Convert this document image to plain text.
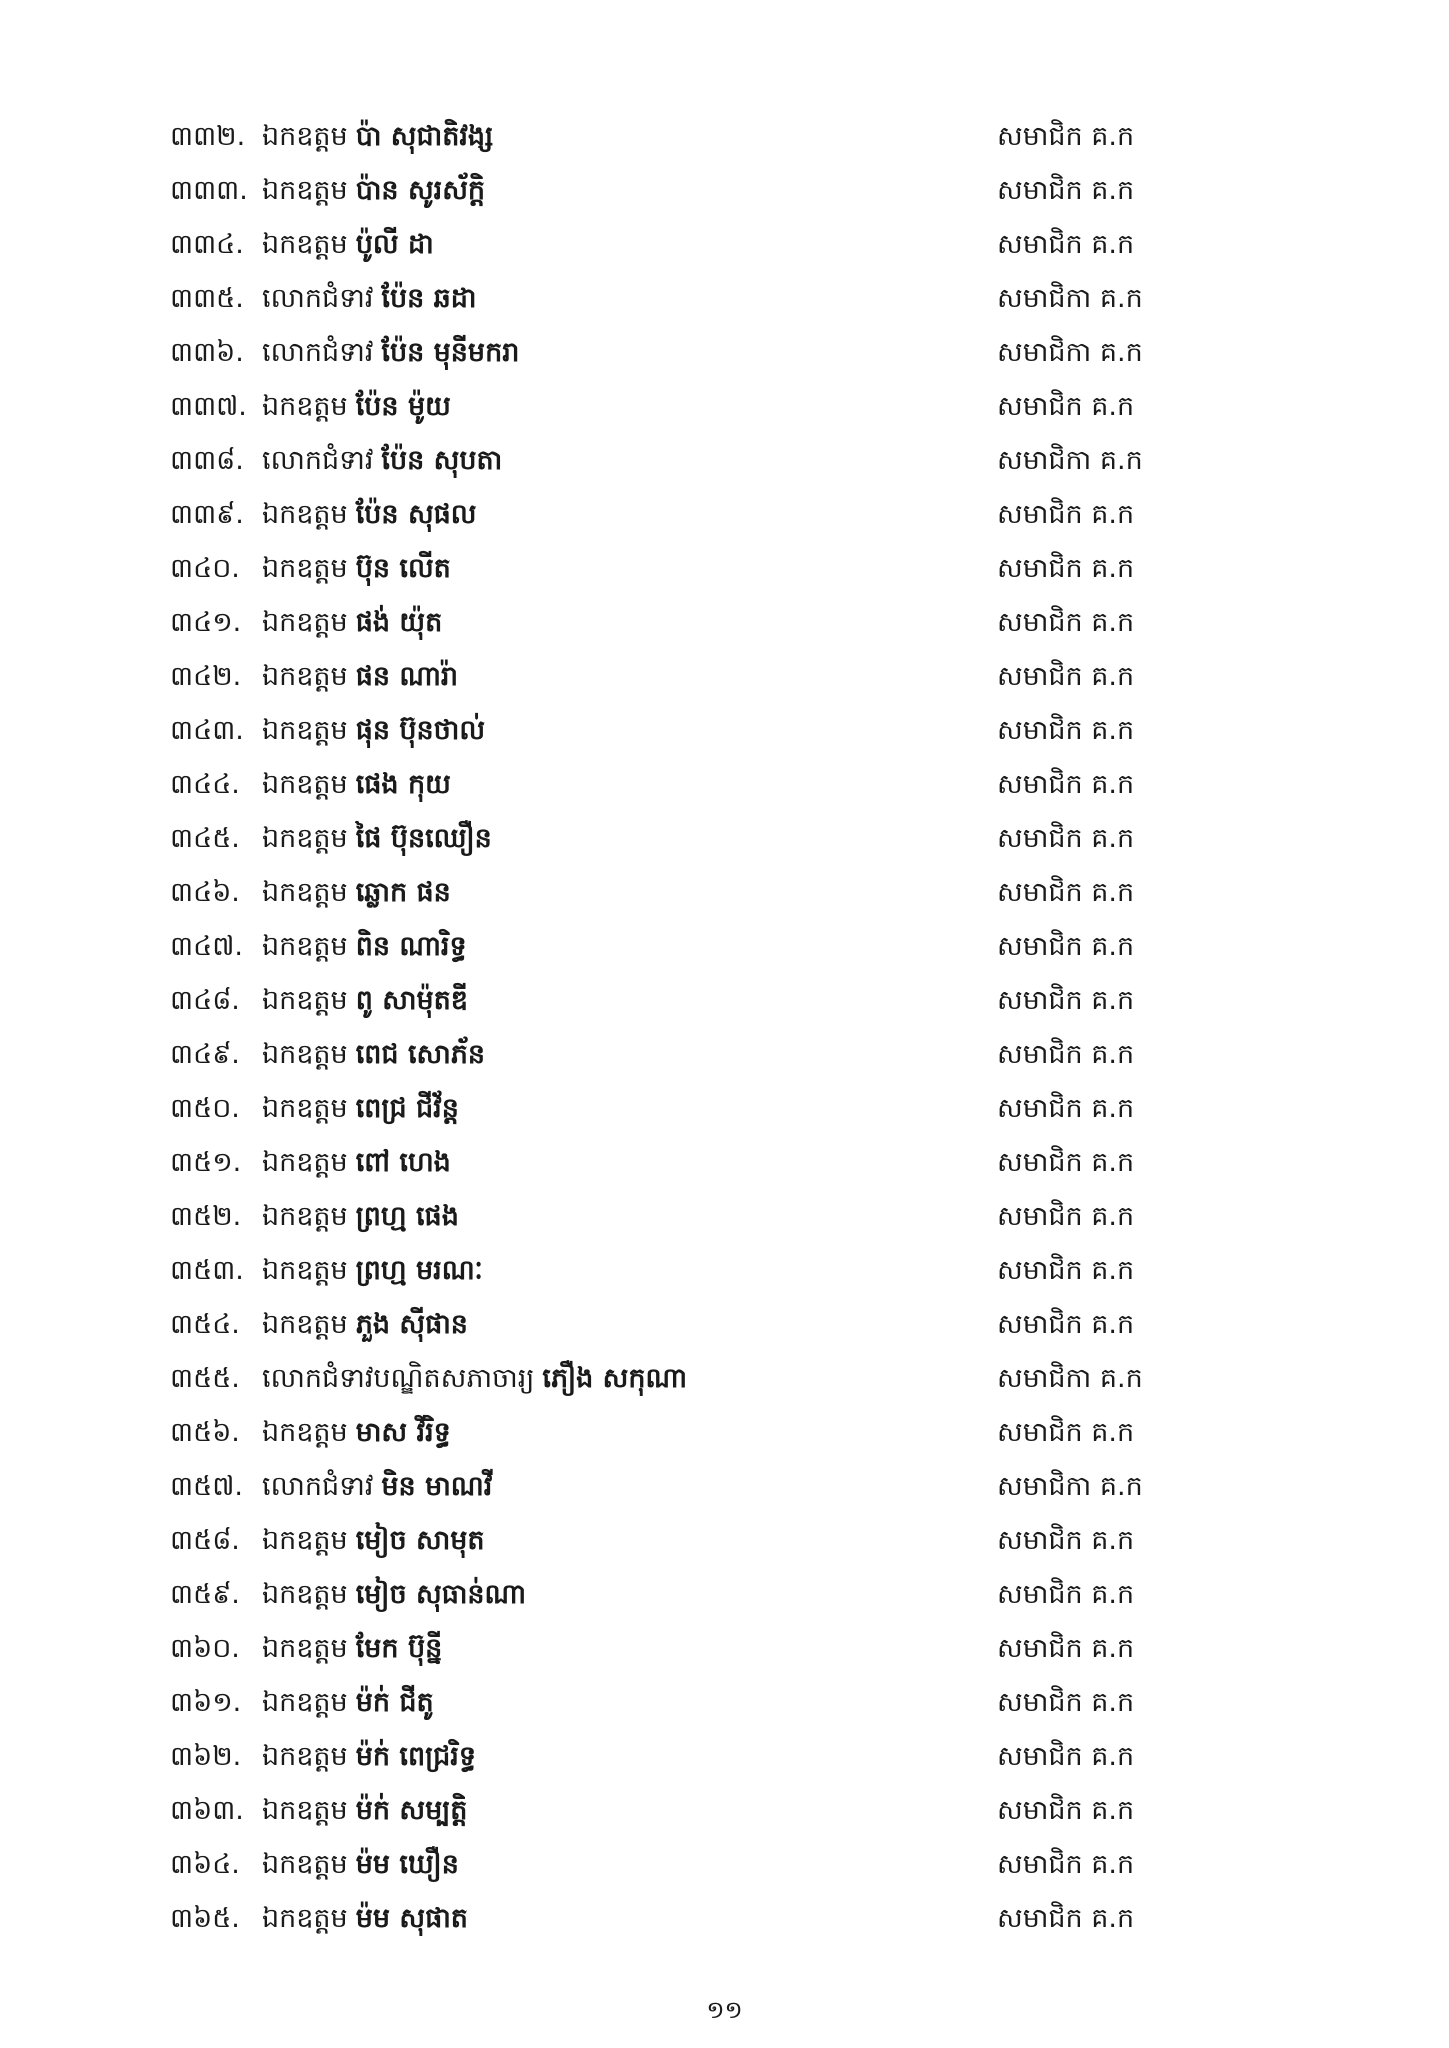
៣៣២. ឯកឧត្តម ប៉ា សុជាតិវង្ស	សមាជិក គ.ក
៣៣៣. ឯកឧត្តម ប៉ាន សូរស័ក្តិ	សមាជិក គ.ក
៣៣៤. ឯកឧត្តម ប៉ូលី ដា	សមាជិក គ.ក
៣៣៥. លោកជំទាវ ប៉ែន ឆដា	សមាជិកា គ.ក
៣៣៦. លោកជំទាវ ប៉ែន មុនីមករា	សមាជិកា គ.ក
៣៣៧. ឯកឧត្តម ប៉ែន ម៉ូយ	សមាជិក គ.ក
៣៣៨. លោកជំទាវ ប៉ែន សុបតា	សមាជិកា គ.ក
៣៣៩. ឯកឧត្តម ប៉ែន សុផល	សមាជិក គ.ក
៣៤០. ឯកឧត្តម ប៊ុន លើត	សមាជិក គ.ក
៣៤១. ឯកឧត្តម ផង់ យ៉ុត	សមាជិក គ.ក
៣៤២. ឯកឧត្តម ផន ណារ៉ា	សមាជិក គ.ក
៣៤៣. ឯកឧត្តម ផុន ប៊ុនថាល់	សមាជិក គ.ក
៣៤៤. ឯកឧត្តម ផេង កុយ	សមាជិក គ.ក
៣៤៥. ឯកឧត្តម ផៃ ប៊ុនឈឿន	សមាជិក គ.ក
៣៤៦. ឯកឧត្តម ឆ្លោក ផន	សមាជិក គ.ក
៣៤៧. ឯកឧត្តម ពិន ណារិទ្ធ	សមាជិក គ.ក
៣៤៨. ឯកឧត្តម ពូ សាម៉ុតឌី	សមាជិក គ.ក
៣៤៩. ឯកឧត្តម ពេជ សោភ័ន	សមាជិក គ.ក
៣៥០. ឯកឧត្តម ពេជ្រ ជីវ័ន្ត	សមាជិក គ.ក
៣៥១. ឯកឧត្តម ពៅ ហេង	សមាជិក គ.ក
៣៥២. ឯកឧត្តម ព្រហ្ម ផេង	សមាជិក គ.ក
៣៥៣. ឯកឧត្តម ព្រហ្ម មរណៈ	សមាជិក គ.ក
៣៥៤. ឯកឧត្តម ភួង ស៊ីផាន	សមាជិក គ.ក
៣៥៥. លោកជំទាវបណ្ឌិតសភាចារ្យ ភឿង សកុណា	សមាជិកា គ.ក
៣៥៦. ឯកឧត្តម មាស វីរិទ្ធ	សមាជិក គ.ក
៣៥៧. លោកជំទាវ មិន មាណវី	សមាជិកា គ.ក
៣៥៨. ឯកឧត្តម មៀច សាមុត	សមាជិក គ.ក
៣៥៩. ឯកឧត្តម មៀច សុធាន់ណា	សមាជិក គ.ក
៣៦០. ឯកឧត្តម មែក ប៊ុន្នី	សមាជិក គ.ក
៣៦១. ឯកឧត្តម ម៉ក់ ជីតូ	សមាជិក គ.ក
៣៦២. ឯកឧត្តម ម៉ក់ ពេជ្ររិទ្ធ	សមាជិក គ.ក
៣៦៣. ឯកឧត្តម ម៉ក់ សម្បត្តិ	សមាជិក គ.ក
៣៦៤. ឯកឧត្តម ម៉ម ឃឿន	សមាជិក គ.ក
៣៦៥. ឯកឧត្តម ម៉ម សុផាត	សមាជិក គ.ក
១១
